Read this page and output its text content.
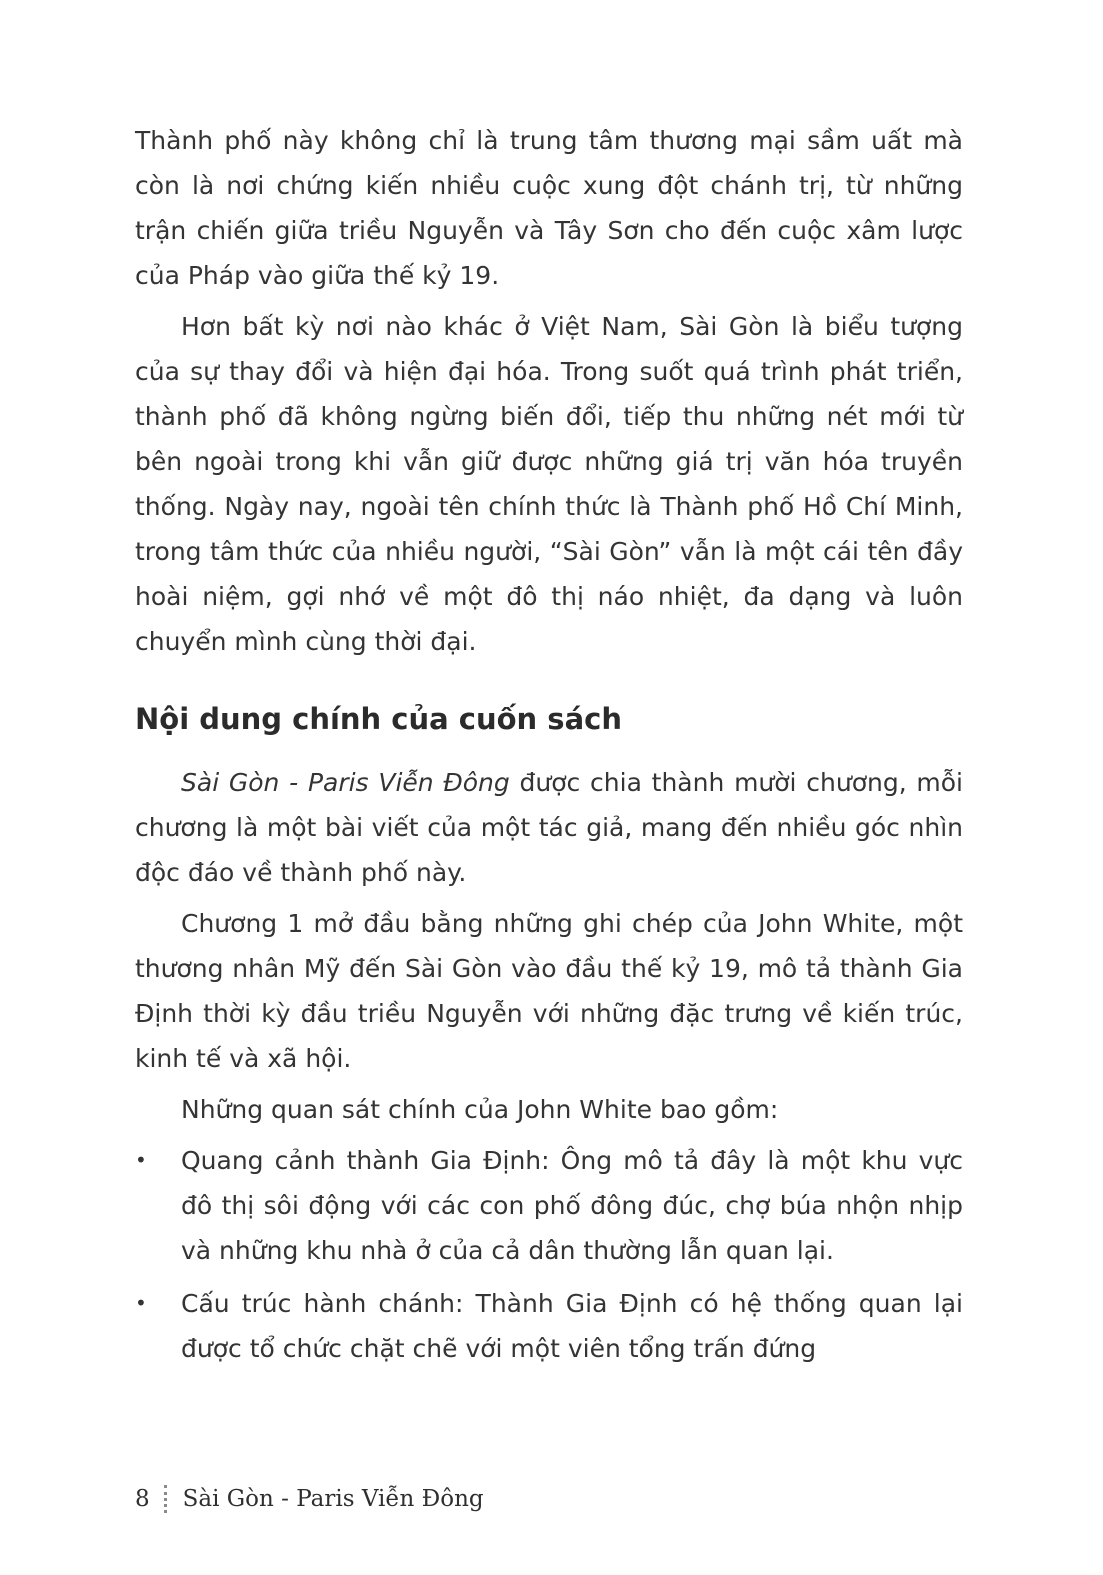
Thành phố này không chỉ là trung tâm thương mại sầm uất mà còn là nơi chứng kiến nhiều cuộc xung đột chánh trị, từ những trận chiến giữa triều Nguyễn và Tây Sơn cho đến cuộc xâm lược của Pháp vào giữa thế kỷ 19.

Hơn bất kỳ nơi nào khác ở Việt Nam, Sài Gòn là biểu tượng của sự thay đổi và hiện đại hóa. Trong suốt quá trình phát triển, thành phố đã không ngừng biến đổi, tiếp thu những nét mới từ bên ngoài trong khi vẫn giữ được những giá trị văn hóa truyền thống. Ngày nay, ngoài tên chính thức là Thành phố Hồ Chí Minh, trong tâm thức của nhiều người, “Sài Gòn” vẫn là một cái tên đầy hoài niệm, gợi nhớ về một đô thị náo nhiệt, đa dạng và luôn chuyển mình cùng thời đại.

Nội dung chính của cuốn sách

Sài Gòn - Paris Viễn Đông được chia thành mười chương, mỗi chương là một bài viết của một tác giả, mang đến nhiều góc nhìn độc đáo về thành phố này.

Chương 1 mở đầu bằng những ghi chép của John White, một thương nhân Mỹ đến Sài Gòn vào đầu thế kỷ 19, mô tả thành Gia Định thời kỳ đầu triều Nguyễn với những đặc trưng về kiến trúc, kinh tế và xã hội.

Những quan sát chính của John White bao gồm:

•	Quang cảnh thành Gia Định: Ông mô tả đây là một khu vực đô thị sôi động với các con phố đông đúc, chợ búa nhộn nhịp và những khu nhà ở của cả dân thường lẫn quan lại.

•	Cấu trúc hành chánh: Thành Gia Định có hệ thống quan lại được tổ chức chặt chẽ với một viên tổng trấn đứng

8 Sài Gòn - Paris Viễn Đông
